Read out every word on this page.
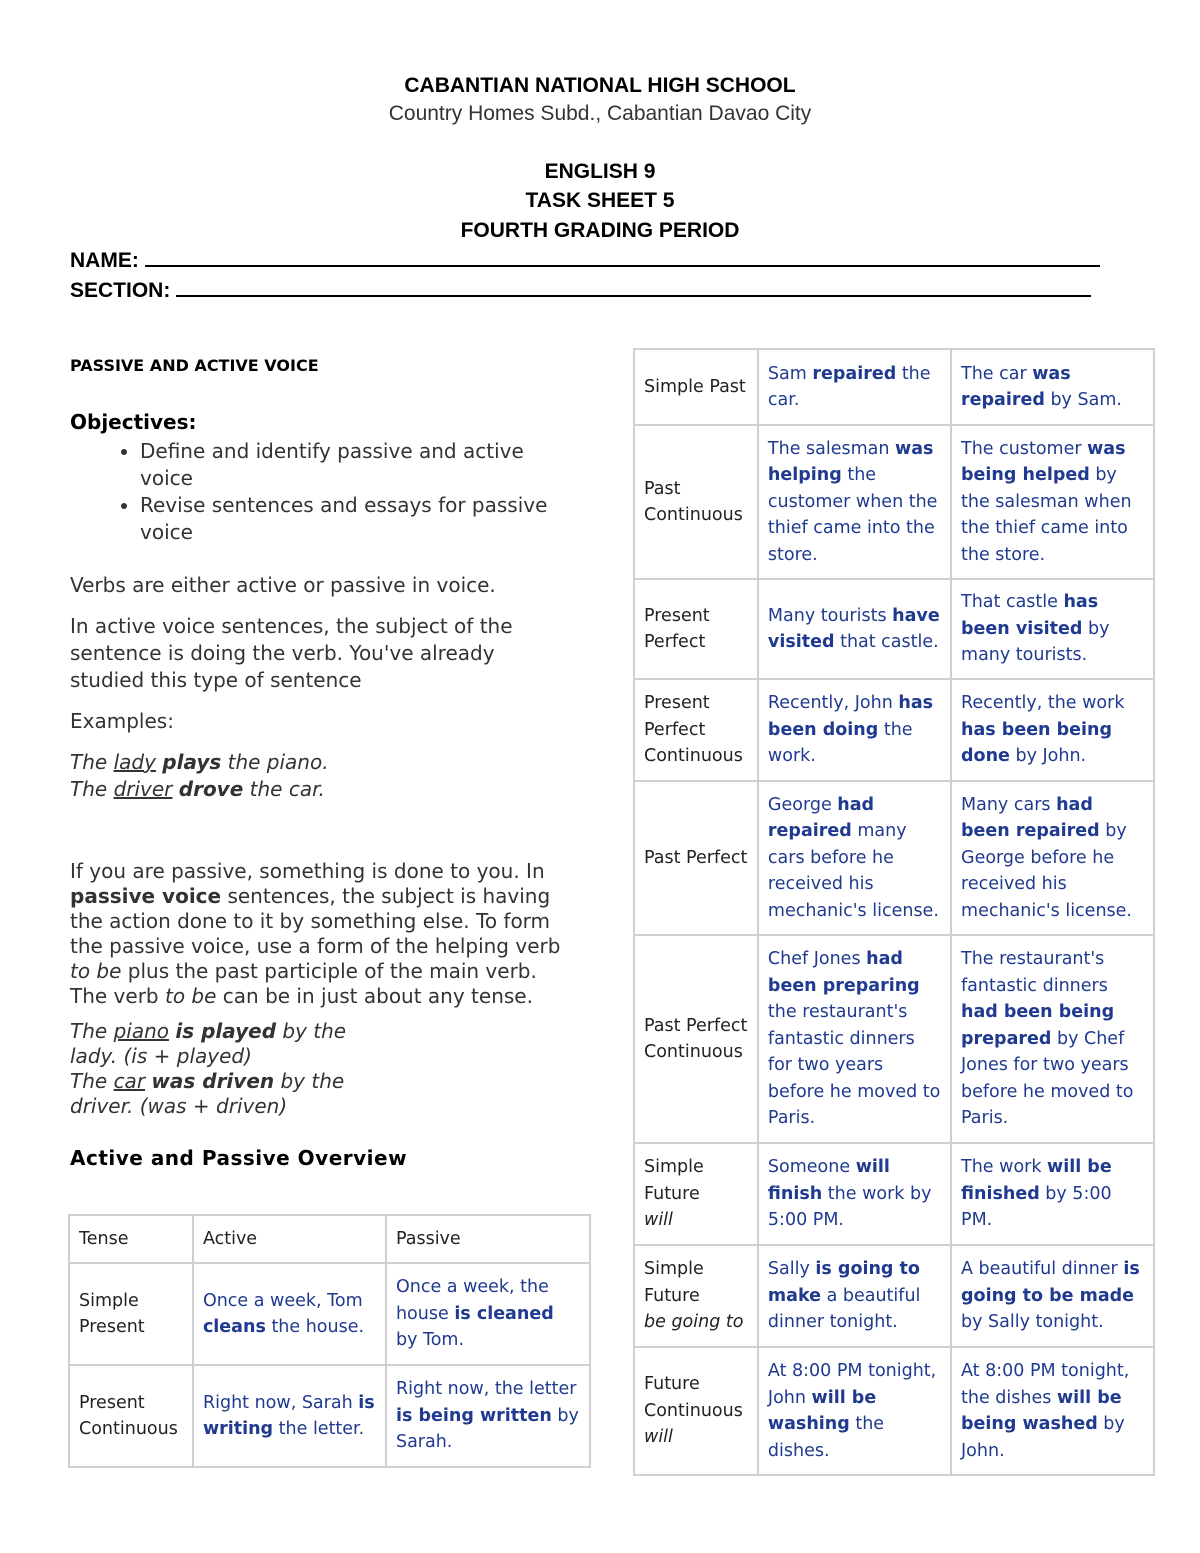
CABANTIAN NATIONAL HIGH SCHOOL
Country Homes Subd., Cabantian Davao City
ENGLISH 9
TASK SHEET 5
FOURTH GRADING PERIOD
NAME:
SECTION:

PASSIVE AND ACTIVE VOICE

Objectives:

• Define and identify passive and active voice
• Revise sentences and essays for passive voice

Verbs are either active or passive in voice.

In active voice sentences, the subject of the sentence is doing the verb. You've already studied this type of sentence

Examples:

The lady plays the piano.

The driver drove the car.

If you are passive, something is done to you. In passive voice sentences, the subject is having the action done to it by something else. To form the passive voice, use a form of the helping verb to be plus the past participle of the main verb. The verb to be can be in just about any tense.

The piano is played by the
lady. (is + played)

The car was driven by the
driver. (was + driven)

Active and Passive Overview

Tense	Active	Passive
Simple Present	Once a week, Tom cleans the house.	Once a week, the house is cleaned by Tom.
Present Continuous	Right now, Sarah is writing the letter.	Right now, the letter is being written by Sarah.
Simple Past	Sam repaired the car.	The car was repaired by Sam.
Past Continuous	The salesman was helping the customer when the thief came into the store.	The customer was being helped by the salesman when the thief came into the store.
Present Perfect	Many tourists have visited that castle.	That castle has been visited by many tourists.
Present Perfect Continuous	Recently, John has been doing the work.	Recently, the work has been being done by John.
Past Perfect	George had repaired many cars before he received his mechanic's license.	Many cars had been repaired by George before he received his mechanic's license.
Past Perfect Continuous	Chef Jones had been preparing the restaurant's fantastic dinners for two years before he moved to Paris.	The restaurant's fantastic dinners had been being prepared by Chef Jones for two years before he moved to Paris.
Simple Future
will	Someone will finish the work by 5:00 PM.	The work will be finished by 5:00 PM.
Simple Future
be going to	Sally is going to make a beautiful dinner tonight.	A beautiful dinner is going to be made by Sally tonight.
Future Continuous
will	At 8:00 PM tonight, John will be washing the dishes.	At 8:00 PM tonight, the dishes will be being washed by John.
